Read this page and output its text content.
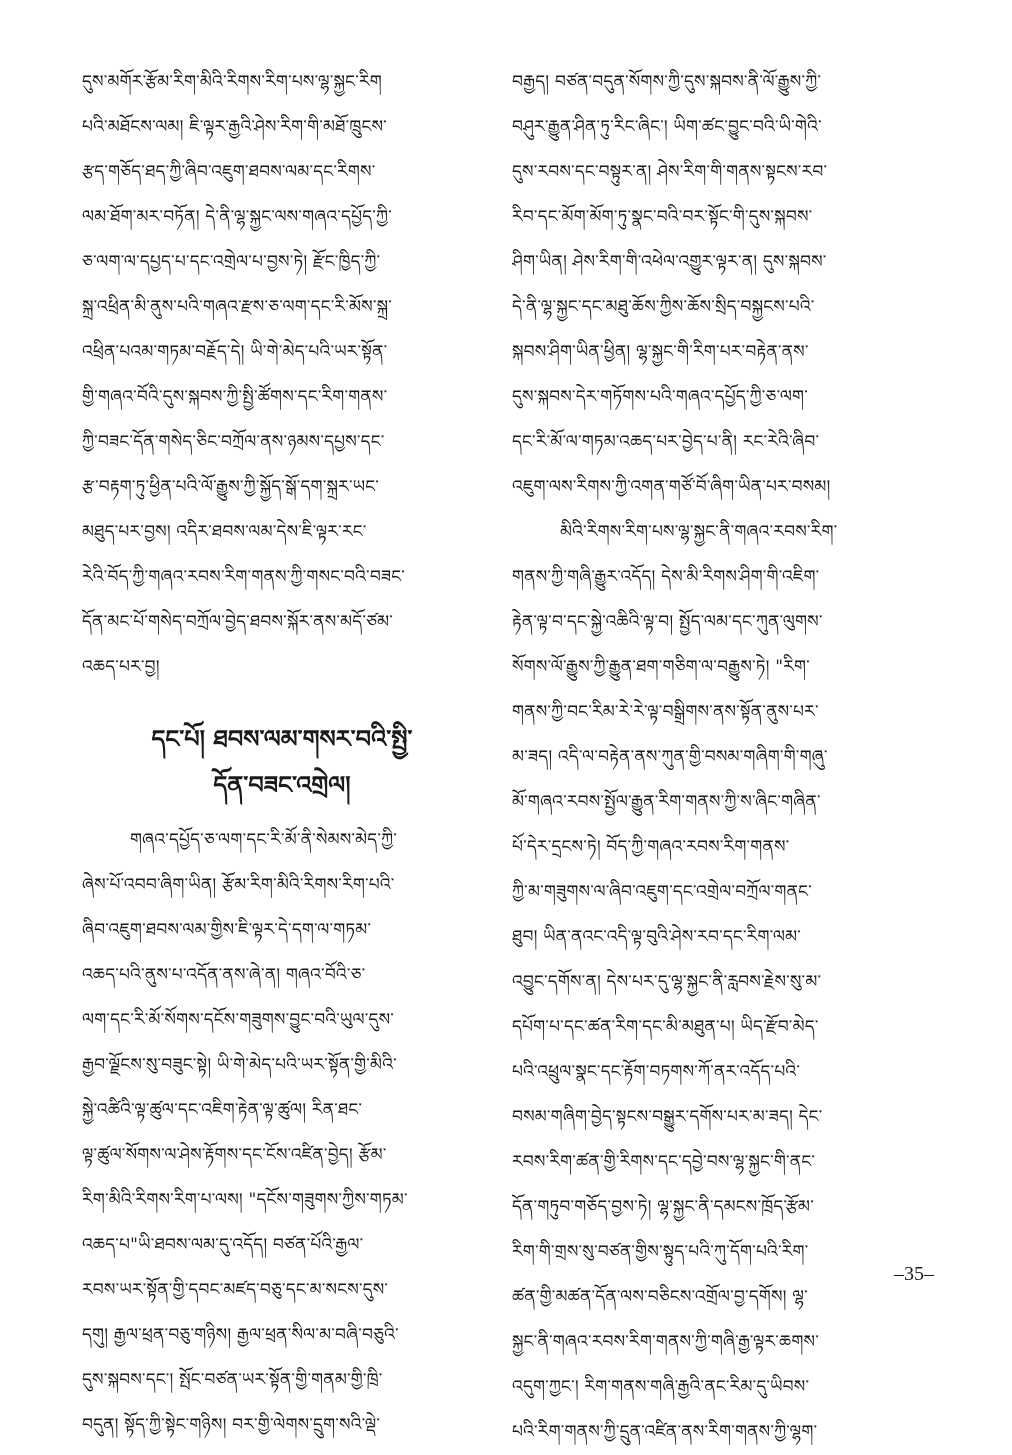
དུས་མགོར་རྩོམ་རིག་མིའི་རིགས་རིག་པས་ལྷ་སྐྱང་རིག
པའི་མཐོངས་ལམ། ཇི་ལྟར་རྒྱའི་ཤེས་རིག་གི་མཐོ་ཁྲུངས་
རྩད་གཅོད་ཐད་ཀྱི་ཞིབ་འཇུག་ཐབས་ལམ་དང་རིགས་
ལམ་ཐོག་མར་བཏོན། དེ་ནི་ལྷ་སྐྱང་ལས་གཞའ་དཔྱོད་ཀྱི་
ཅ་ལག་ལ་དཔྱད་པ་དང་འགྲེལ་པ་བྱས་ཏེ། རྫོང་ཁྱིད་ཀྱི་
སྐྲ་འཕྲིན་མི་ནུས་པའི་གཞའ་རྫས་ཅ་ལག་དང་རི་མོས་སྐྲ་
འཕྲིན་པའམ་གཏམ་བརྗོད་དེ། ཡི་གེ་མེད་པའི་ཡར་སྟོན་
གྱི་གཞའ་བོའི་དུས་སྐབས་ཀྱི་སྤྱི་ཚོགས་དང་རིག་གནས་
ཀྱི་བཟང་དོན་གསེད་ཅིང་བཀྲོལ་ནས་ཉམས་དཔྱས་དང་
རྩ་བརྟག་ཏུ་ཕྱིན་པའི་ལོ་རྒྱུས་ཀྱི་སྐྱོད་སྒོ་དག་སྐྲར་ཡང་
མཐུད་པར་བྱས། འདིར་ཐབས་ལམ་དེས་ཇི་ལྟར་རང་
རེའི་བོད་ཀྱི་གཞའ་རབས་རིག་གནས་ཀྱི་གསང་བའི་བཟང་
དོན་མང་པོ་གསེད་བཀྲོལ་བྱེད་ཐབས་སྐོར་ནས་མདོ་ཙམ་
འཆད་པར་བྱ།
དང་པོ། ཐབས་ལམ་གསར་བའི་སྤྱི་
དོན་བཟང་འགྲེལ།
གཞའ་དཔྱོད་ཅ་ལག་དང་རི་མོ་ནི་སེམས་མེད་ཀྱི་
ཞེས་པོ་འབབ་ཞིག་ཡིན། རྩོམ་རིག་མིའི་རིགས་རིག་པའི་
ཞིབ་འཇུག་ཐབས་ལམ་གྱིས་ཇི་ལྟར་དེ་དག་ལ་གཏམ་
འཆད་པའི་ནུས་པ་འདོན་ནས་ཞེ་ན། གཞའ་བོའི་ཅ་
ལག་དང་རི་མོ་སོགས་དངོས་གཟུགས་བྱུང་བའི་ཡུལ་དུས་
རྒྱབ་ལྗོངས་སུ་བཟུང་སྟེ། ཡི་གེ་མེད་པའི་ཡར་སྟོན་གྱི་མིའི་
སྐྱེ་འཚིའི་ལྟ་ཚུལ་དང་འཇིག་རྟེན་ལྟ་ཚུལ། རིན་ཐང་
ལྟ་ཚུལ་སོགས་ལ་ཤེས་རྟོགས་དང་ངོས་འཛིན་བྱེད། རྩོམ་
རིག་མིའི་རིགས་རིག་པ་ལས། "དངོས་གཟུགས་ཀྱིས་གཏམ་
འཆད་པ"ཡི་ཐབས་ལམ་དུ་འདོད། བཙན་པོའི་རྒྱལ་
རབས་ཡར་སྟོན་གྱི་དབང་མཛད་བཅུ་དང་མ་སངས་དུས་
དགུ། རྒྱལ་ཕྲན་བཅུ་གཉིས། རྒྱལ་ཕྲན་སིལ་མ་བཞི་བཅུའི་
དུས་སྐབས་དང་། སྤོང་བཙན་ཡར་སྟོན་གྱི་གནམ་གྱི་ཁྲི་
བདུན། སྟོད་ཀྱི་སྟེང་གཉིས། བར་གྱི་ལེགས་དྲུག་སའི་ལྡེ་
བརྒྱད། བཙན་བདུན་སོགས་ཀྱི་དུས་སྐབས་ནི་ལོ་རྒྱུས་ཀྱི་
བཤུར་རྒྱུན་ཤིན་ཏུ་རིང་ཞིང་། ཡིག་ཚང་བྱུང་བའི་ཡི་གེའི་
དུས་རབས་དང་བསྟུར་ན། ཤེས་རིག་གི་གནས་སྟངས་རབ་
རིབ་དང་མོག་མོག་ཏུ་སྣང་བའི་བར་སྟོང་གི་དུས་སྐབས་
ཤིག་ཡིན། ཤེས་རིག་གི་འཕེལ་འགྱུར་ལྟར་ན། དུས་སྐབས་
དེ་ནི་ལྷ་སྐྱང་དང་མཐུ་ཆོས་ཀྱིས་ཆོས་སྲིད་བསྐྱངས་པའི་
སྐབས་ཤིག་ཡིན་ཕྱིན། ལྷ་སྐྱང་གི་རིག་པར་བརྟེན་ནས་
དུས་སྐབས་དེར་གཏོགས་པའི་གཞའ་དཔྱོད་ཀྱི་ཅ་ལག་
དང་རི་མོ་ལ་གཏམ་འཆད་པར་བྱེད་པ་ནི། རང་རེའི་ཞིབ་
འཇུག་ལས་རིགས་ཀྱི་འགན་གཙོ་བོ་ཞིག་ཡིན་པར་བསམ།
མིའི་རིགས་རིག་པས་ལྷ་སྐྱང་ནི་གཞའ་རབས་རིག་
གནས་ཀྱི་གཞི་རྒྱུར་འདོད། དེས་མི་རིགས་ཤིག་གི་འཇིག་
རྟེན་ལྟ་བ་དང་སྐྱེ་འཆིའི་ལྟ་བ། སྤྱོད་ལམ་དང་ཀུན་ལུགས་
སོགས་ལོ་རྒྱུས་ཀྱི་རྒྱུན་ཐག་གཅིག་ལ་བརྒྱུས་ཏེ། "རིག་
གནས་ཀྱི་བང་རིམ་རེ་རེ་ལྟ་བསྒྲིགས་ནས་སྟོན་ནུས་པར་
མ་ཟད། འདི་ལ་བརྟེན་ནས་ཀུན་གྱི་བསམ་གཞིག་གི་གཞུ་
མོ་གཞའ་རབས་སྤྱོལ་རྒྱུན་རིག་གནས་ཀྱི་ས་ཞིང་གཞིན་
པོ་དེར་དྲངས་ཏེ། བོད་ཀྱི་གཞའ་རབས་རིག་གནས་
ཀྱི་མ་གཟུགས་ལ་ཞིབ་འཇུག་དང་འགྲེལ་བཀྲོལ་གནང་
ཐུབ། ཡིན་ནའང་འདི་ལྟ་བུའི་ཤེས་རབ་དང་རིག་ལམ་
འབྱུང་དགོས་ན། དེས་པར་དུ་ལྷ་སྐྱང་ནི་རླབས་རྗེས་སུ་མ་
དཔོག་པ་དང་ཚན་རིག་དང་མི་མཐུན་པ། ཡིད་རྫོབ་མེད་
པའི་འཕྲུལ་སྣང་དང་རྟོག་བཏགས་ཀོ་ནར་འདོད་པའི་
བསམ་གཞིག་བྱེད་སྟངས་བསྒྱུར་དགོས་པར་མ་ཟད། དེང་
རབས་རིག་ཚན་གྱི་རིགས་དང་དབྱེ་བས་ལྷ་སྐྱང་གི་ནང་
དོན་གཏུབ་གཅོད་བྱས་ཏེ། ལྷ་སྐྱང་ནི་དམངས་ཁྲོད་རྩོམ་
རིག་གི་གྲས་སུ་བཙན་གྱིས་སྟུད་པའི་ཀུ་དོག་པའི་རིག་
ཚན་གྱི་མཚན་དོན་ལས་བཅིངས་འགྲོལ་བྱ་དགོས། ལྷ་
སྐྱང་ནི་གཞའ་རབས་རིག་གནས་ཀྱི་གཞི་རྒྱ་ལྟར་ཆགས་
འདུག་ཀྱང་། རིག་གནས་གཞི་རྒྱའི་ནང་རིམ་དུ་ཡིབས་
པའི་རིག་གནས་ཀྱི་དྲུན་འཛིན་ནས་རིག་གནས་ཀྱི་ལྷག་
–35–
